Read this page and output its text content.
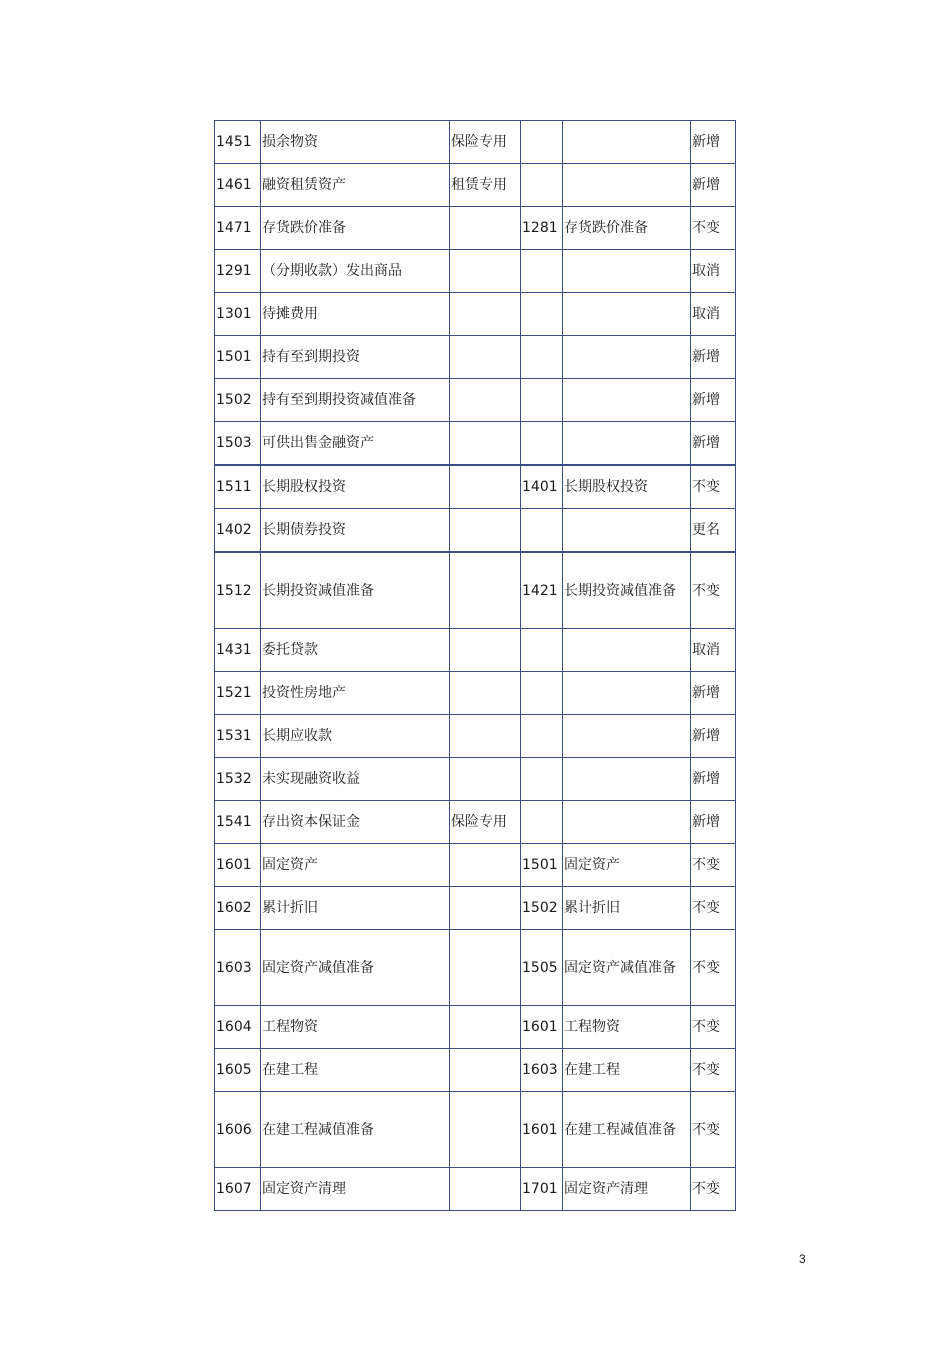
1451	损余物资	保险专用			新增
1461	融资租赁资产	租赁专用			新增
1471	存货跌价准备		1281	存货跌价准备	不变
1291	（分期收款）发出商品				取消
1301	待摊费用				取消
1501	持有至到期投资				新增
1502	持有至到期投资减值准备				新增
1503	可供出售金融资产				新增
1511	长期股权投资		1401	长期股权投资	不变
1402	长期债券投资				更名
1512	长期投资减值准备		1421	长期投资减值准备	不变
1431	委托贷款				取消
1521	投资性房地产				新增
1531	长期应收款				新增
1532	未实现融资收益				新增
1541	存出资本保证金	保险专用			新增
1601	固定资产		1501	固定资产	不变
1602	累计折旧		1502	累计折旧	不变
1603	固定资产减值准备		1505	固定资产减值准备	不变
1604	工程物资		1601	工程物资	不变
1605	在建工程		1603	在建工程	不变
1606	在建工程减值准备		1601	在建工程减值准备	不变
1607	固定资产清理		1701	固定资产清理	不变
3
